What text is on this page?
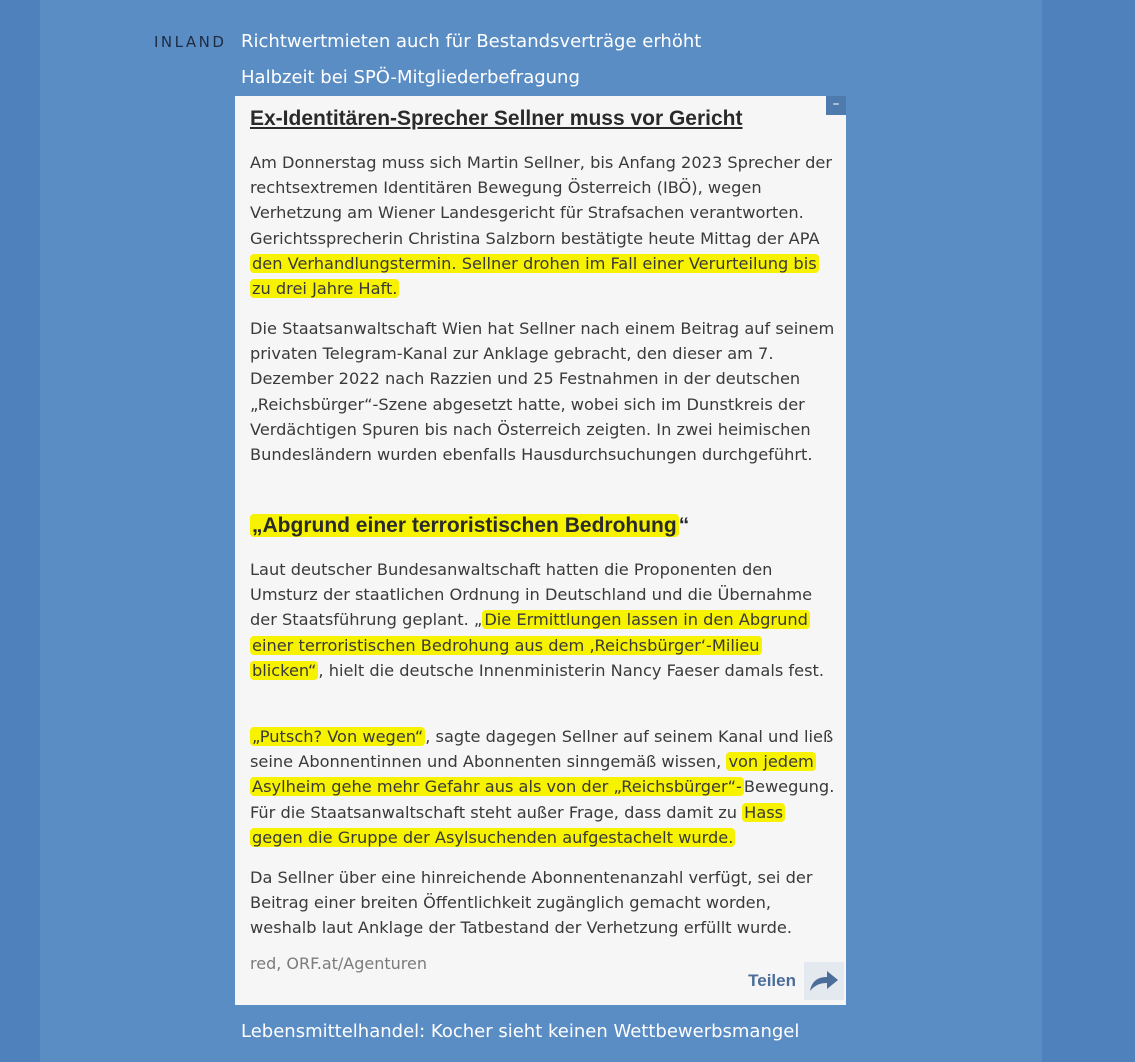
INLAND Richtwertmieten auch für Bestandsverträge erhöht
Halbzeit bei SPÖ-Mitgliederbefragung
–
Ex-Identitären-Sprecher Sellner muss vor Gericht

Am Donnerstag muss sich Martin Sellner, bis Anfang 2023 Sprecher der rechtsextremen Identitären Bewegung Österreich (IBÖ), wegen Verhetzung am Wiener Landesgericht für Strafsachen verantworten. Gerichtssprecherin Christina Salzborn bestätigte heute Mittag der APA den Verhandlungstermin. Sellner drohen im Fall einer Verurteilung bis zu drei Jahre Haft.

Die Staatsanwaltschaft Wien hat Sellner nach einem Beitrag auf seinem privaten Telegram-Kanal zur Anklage gebracht, den dieser am 7. Dezember 2022 nach Razzien und 25 Festnahmen in der deutschen „Reichsbürger“-Szene abgesetzt hatte, wobei sich im Dunstkreis der Verdächtigen Spuren bis nach Österreich zeigten. In zwei heimischen Bundesländern wurden ebenfalls Hausdurchsuchungen durchgeführt.

„Abgrund einer terroristischen Bedrohung“

Laut deutscher Bundesanwaltschaft hatten die Proponenten den Umsturz der staatlichen Ordnung in Deutschland und die Übernahme der Staatsführung geplant. „ Die Ermittlungen lassen in den Abgrund einer terroristischen Bedrohung aus dem ‚Reichsbürger‘-Milieu blicken“ , hielt die deutsche Innenministerin Nancy Faeser damals fest.

„Putsch? Von wegen“ , sagte dagegen Sellner auf seinem Kanal und ließ seine Abonnentinnen und Abonnenten sinngemäß wissen, von jedem Asylheim gehe mehr Gefahr aus als von der „Reichsbürger“- Bewegung. Für die Staatsanwaltschaft steht außer Frage, dass damit zu Hass gegen die Gruppe der Asylsuchenden aufgestachelt wurde.

Da Sellner über eine hinreichende Abonnentenanzahl verfügt, sei der Beitrag einer breiten Öffentlichkeit zugänglich gemacht worden, weshalb laut Anklage der Tatbestand der Verhetzung erfüllt wurde.

red, ORF.at/Agenturen
Teilen
Lebensmittelhandel: Kocher sieht keinen Wettbewerbsmangel
